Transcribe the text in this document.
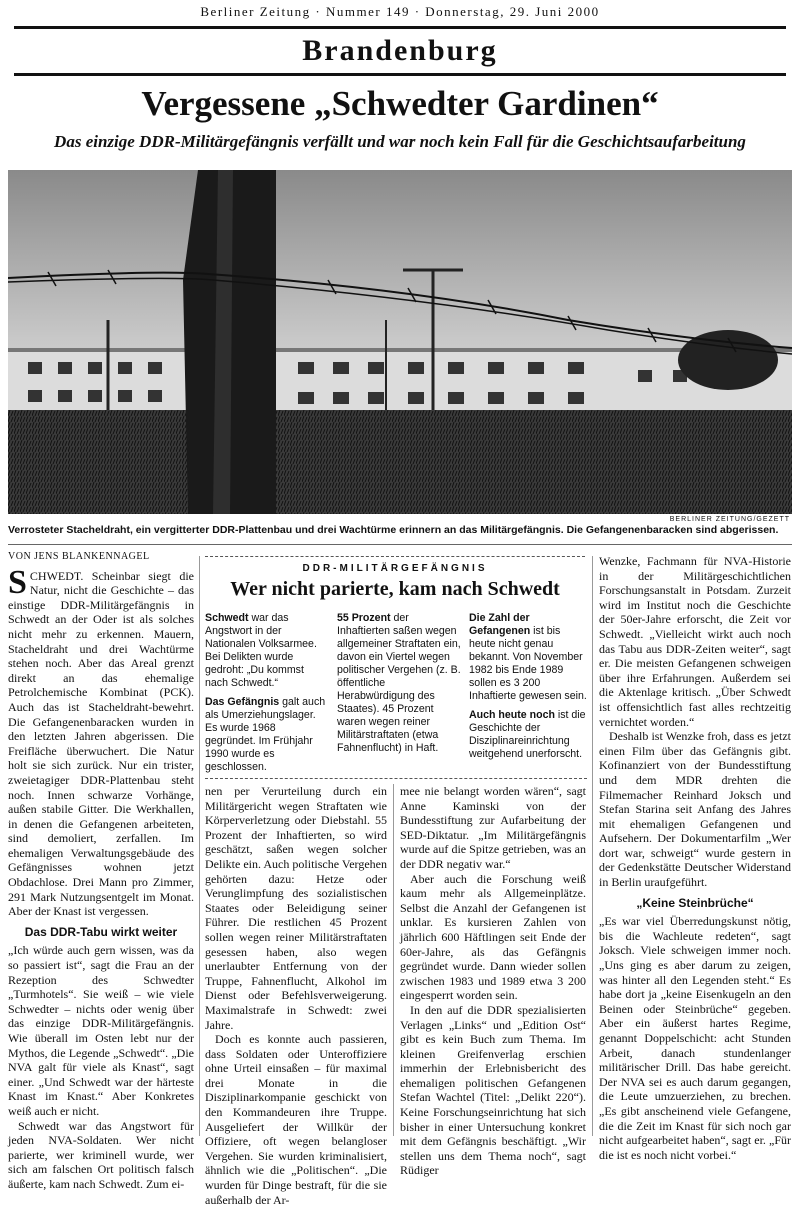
Berliner Zeitung · Nummer 149 · Donnerstag, 29. Juni 2000
Brandenburg
Vergessene „Schwedter Gardinen“
Das einzige DDR-Militärgefängnis verfällt und war noch kein Fall für die Geschichtsaufarbeitung
BERLINER ZEITUNG/GEZETT
Verrosteter Stacheldraht, ein vergitterter DDR-Plattenbau und drei Wachtürme erinnern an das Militärgefängnis. Die Gefangenenbaracken sind abgerissen.
VON JENS BLANKENNAGEL

SCHWEDT. Scheinbar siegt die Natur, nicht die Geschichte – das einstige DDR-Militärgefängnis in Schwedt an der Oder ist als solches nicht mehr zu erkennen. Mauern, Stacheldraht und drei Wachtürme stehen noch. Aber das Areal grenzt direkt an das ehemalige Petrolchemische Kombinat (PCK). Auch das ist Stacheldraht-bewehrt. Die Gefangenenbaracken wurden in den letzten Jahren abgerissen. Die Freifläche überwuchert. Die Natur holt sie sich zurück. Nur ein trister, zweietagiger DDR-Plattenbau steht noch. Innen schwarze Vorhänge, außen stabile Gitter. Die Werkhallen, in denen die Gefangenen arbeiteten, sind demoliert, zerfallen. Im ehemaligen Verwaltungsgebäude des Gefängnisses wohnen jetzt Obdachlose. Drei Mann pro Zimmer, 291 Mark Nutzungsentgelt im Monat. Aber der Knast ist vergessen.

Das DDR-Tabu wirkt weiter

„Ich würde auch gern wissen, was da so passiert ist“, sagt die Frau an der Rezeption des Schwedter „Turmhotels“. Sie weiß – wie viele Schwedter – nichts oder wenig über das einzige DDR-Militärgefängnis. Wie überall im Osten lebt nur der Mythos, die Legende „Schwedt“. „Die NVA galt für viele als Knast“, sagt einer. „Und Schwedt war der härteste Knast im Knast.“ Aber Konkretes weiß auch er nicht.

Schwedt war das Angstwort für jeden NVA-Soldaten. Wer nicht parierte, wer kriminell wurde, wer sich am falschen Ort politisch falsch äußerte, kam nach Schwedt. Zum ei-

DDR-MILITÄRGEFÄNGNIS
Wer nicht parierte, kam nach Schwedt

Schwedt war das Angstwort in der Nationalen Volksarmee. Bei Delikten wurde gedroht: „Du kommst nach Schwedt.“

Das Gefängnis galt auch als Umerziehungslager. Es wurde 1968 gegründet. Im Frühjahr 1990 wurde es geschlossen.

55 Prozent der Inhaftierten saßen wegen allgemeiner Straftaten ein, davon ein Viertel wegen politischer Vergehen (z. B. öffentliche Herabwürdigung des Staates). 45 Prozent waren wegen reiner Militärstraftaten (etwa Fahnenflucht) in Haft.

Die Zahl der Gefangenen ist bis heute nicht genau bekannt. Von November 1982 bis Ende 1989 sollen es 3 200 Inhaftierte gewesen sein.

Auch heute noch ist die Geschichte der Disziplinareinrichtung weitgehend unerforscht.

nen per Verurteilung durch ein Militärgericht wegen Straftaten wie Körperverletzung oder Diebstahl. 55 Prozent der Inhaftierten, so wird geschätzt, saßen wegen solcher Delikte ein. Auch politische Vergehen gehörten dazu: Hetze oder Verunglimpfung des sozialistischen Staates oder Beleidigung seiner Führer. Die restlichen 45 Prozent sollen wegen reiner Militärstraftaten gesessen haben, also wegen unerlaubter Entfernung von der Truppe, Fahnenflucht, Alkohol im Dienst oder Befehlsverweigerung. Maximalstrafe in Schwedt: zwei Jahre.

Doch es konnte auch passieren, dass Soldaten oder Unteroffiziere ohne Urteil einsaßen – für maximal drei Monate in die Disziplinarkompanie geschickt von den Kommandeuren ihre Truppe. Ausgeliefert der Willkür der Offiziere, oft wegen belangloser Vergehen. Sie wurden kriminalisiert, ähnlich wie die „Politischen“. „Die wurden für Dinge bestraft, für die sie außerhalb der Ar-

mee nie belangt worden wären“, sagt Anne Kaminski von der Bundesstiftung zur Aufarbeitung der SED-Diktatur. „Im Militärgefängnis wurde auf die Spitze getrieben, was an der DDR negativ war.“

Aber auch die Forschung weiß kaum mehr als Allgemeinplätze. Selbst die Anzahl der Gefangenen ist unklar. Es kursieren Zahlen von jährlich 600 Häftlingen seit Ende der 60er-Jahre, als das Gefängnis gegründet wurde. Dann wieder sollen zwischen 1983 und 1989 etwa 3 200 eingesperrt worden sein.

In den auf die DDR spezialisierten Verlagen „Links“ und „Edition Ost“ gibt es kein Buch zum Thema. Im kleinen Greifenverlag erschien immerhin der Erlebnisbericht des ehemaligen politischen Gefangenen Stefan Wachtel (Titel: „Delikt 220“). Keine Forschungseinrichtung hat sich bisher in einer Untersuchung konkret mit dem Gefängnis beschäftigt. „Wir stellen uns dem Thema noch“, sagt Rüdiger

Wenzke, Fachmann für NVA-Historie in der Militärgeschichtlichen Forschungsanstalt in Potsdam. Zurzeit wird im Institut noch die Geschichte der 50er-Jahre erforscht, die Zeit vor Schwedt. „Vielleicht wirkt auch noch das Tabu aus DDR-Zeiten weiter“, sagt er. Die meisten Gefangenen schweigen über ihre Erfahrungen. Außerdem sei die Aktenlage kritisch. „Über Schwedt ist offensichtlich fast alles rechtzeitig vernichtet worden.“

Deshalb ist Wenzke froh, dass es jetzt einen Film über das Gefängnis gibt. Kofinanziert von der Bundesstiftung und dem MDR drehten die Filmemacher Reinhard Joksch und Stefan Starina seit Anfang des Jahres mit ehemaligen Gefangenen und Aufsehern. Der Dokumentarfilm „Wer dort war, schweigt“ wurde gestern in der Gedenkstätte Deutscher Widerstand in Berlin uraufgeführt.

„Keine Steinbrüche“

„Es war viel Überredungskunst nötig, bis die Wachleute redeten“, sagt Joksch. Viele schweigen immer noch. „Uns ging es aber darum zu zeigen, was hinter all den Legenden steht.“ Es habe dort ja „keine Eisenkugeln an den Beinen oder Steinbrüche“ gegeben. Aber ein äußerst hartes Regime, genannt Doppelschicht: acht Stunden Arbeit, danach stundenlanger militärischer Drill. Das habe gereicht. Der NVA sei es auch darum gegangen, die Leute umzuerziehen, zu brechen. „Es gibt anscheinend viele Gefangene, die die Zeit im Knast für sich noch gar nicht aufgearbeitet haben“, sagt er. „Für die ist es noch nicht vorbei.“
